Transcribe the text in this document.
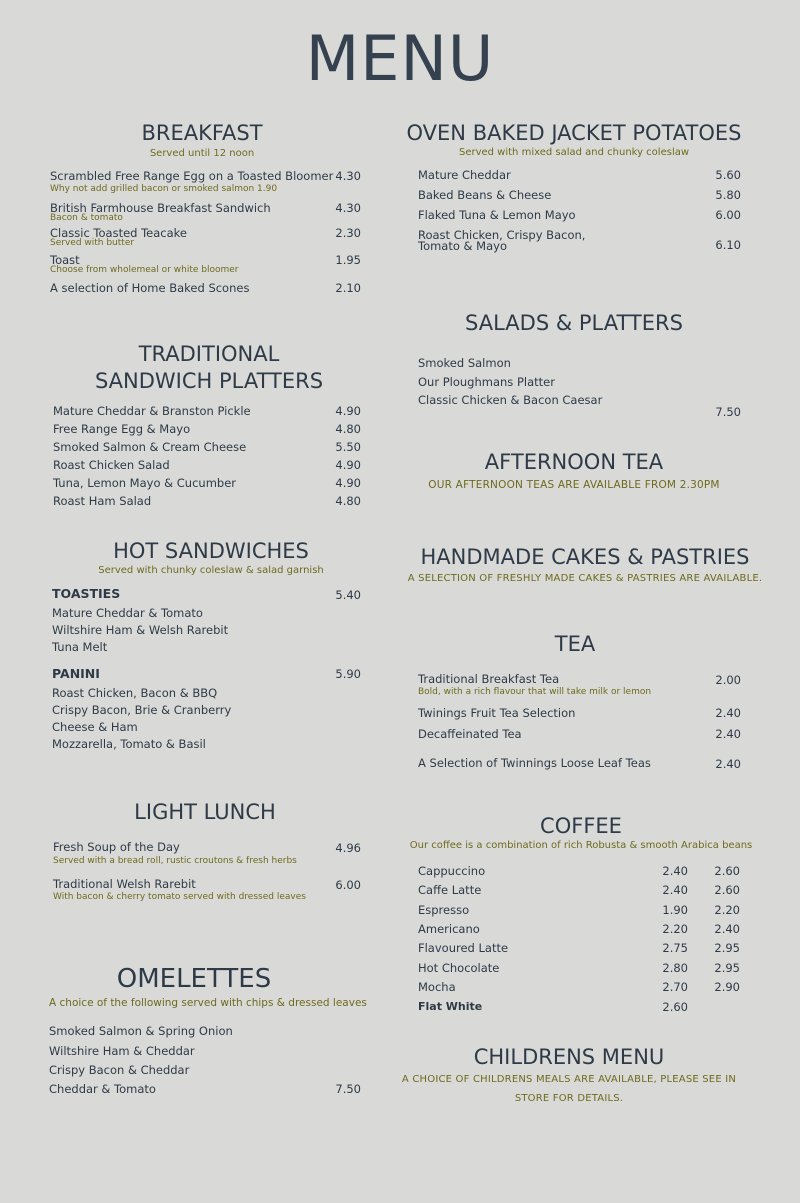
MENU
BREAKFAST
Served until 12 noon
Scrambled Free Range Egg on a Toasted Bloomer 4.30
Why not add grilled bacon or smoked salmon 1.90
British Farmhouse Breakfast Sandwich	4.30
Bacon & tomato
Classic Toasted Teacake	2.30
Served with butter
Toast	1.95
Choose from wholemeal or white bloomer
A selection of Home Baked Scones	2.10
TRADITIONAL
SANDWICH PLATTERS
Mature Cheddar & Branston Pickle	4.90
Free Range Egg & Mayo	4.80
Smoked Salmon & Cream Cheese	5.50
Roast Chicken Salad	4.90
Tuna, Lemon Mayo & Cucumber	4.90
Roast Ham Salad	4.80
HOT SANDWICHES
Served with chunky coleslaw & salad garnish
TOASTIES	5.40
Mature Cheddar & Tomato
Wiltshire Ham & Welsh Rarebit
Tuna Melt
PANINI	5.90
Roast Chicken, Bacon & BBQ
Crispy Bacon, Brie & Cranberry
Cheese & Ham
Mozzarella, Tomato & Basil
LIGHT LUNCH
Fresh Soup of the Day	4.96
Served with a bread roll, rustic croutons & fresh herbs
Traditional Welsh Rarebit	6.00
With bacon & cherry tomato served with dressed leaves
OMELETTES
A choice of the following served with chips & dressed leaves
Smoked Salmon & Spring Onion
Wiltshire Ham & Cheddar
Crispy Bacon & Cheddar
Cheddar & Tomato	7.50
OVEN BAKED JACKET POTATOES
Served with mixed salad and chunky coleslaw
Mature Cheddar	5.60
Baked Beans & Cheese	5.80
Flaked Tuna & Lemon Mayo	6.00
Roast Chicken, Crispy Bacon,
Tomato & Mayo	6.10
SALADS & PLATTERS
Smoked Salmon
Our Ploughmans Platter
Classic Chicken & Bacon Caesar
7.50
AFTERNOON TEA
OUR AFTERNOON TEAS ARE AVAILABLE FROM 2.30PM
HANDMADE CAKES & PASTRIES
A SELECTION OF FRESHLY MADE CAKES & PASTRIES ARE AVAILABLE.
TEA
Traditional Breakfast Tea	2.00
Bold, with a rich flavour that will take milk or lemon
Twinings Fruit Tea Selection	2.40
Decaffeinated Tea	2.40
A Selection of Twinnings Loose Leaf Teas	2.40
COFFEE
Our coffee is a combination of rich Robusta & smooth Arabica beans
Cappuccino	2.40	2.60
Caffe Latte	2.40	2.60
Espresso	1.90	2.20
Americano	2.20	2.40
Flavoured Latte	2.75	2.95
Hot Chocolate	2.80	2.95
Mocha	2.70	2.90
Flat White	2.60
CHILDRENS MENU
A CHOICE OF CHILDRENS MEALS ARE AVAILABLE, PLEASE SEE IN
STORE FOR DETAILS.
